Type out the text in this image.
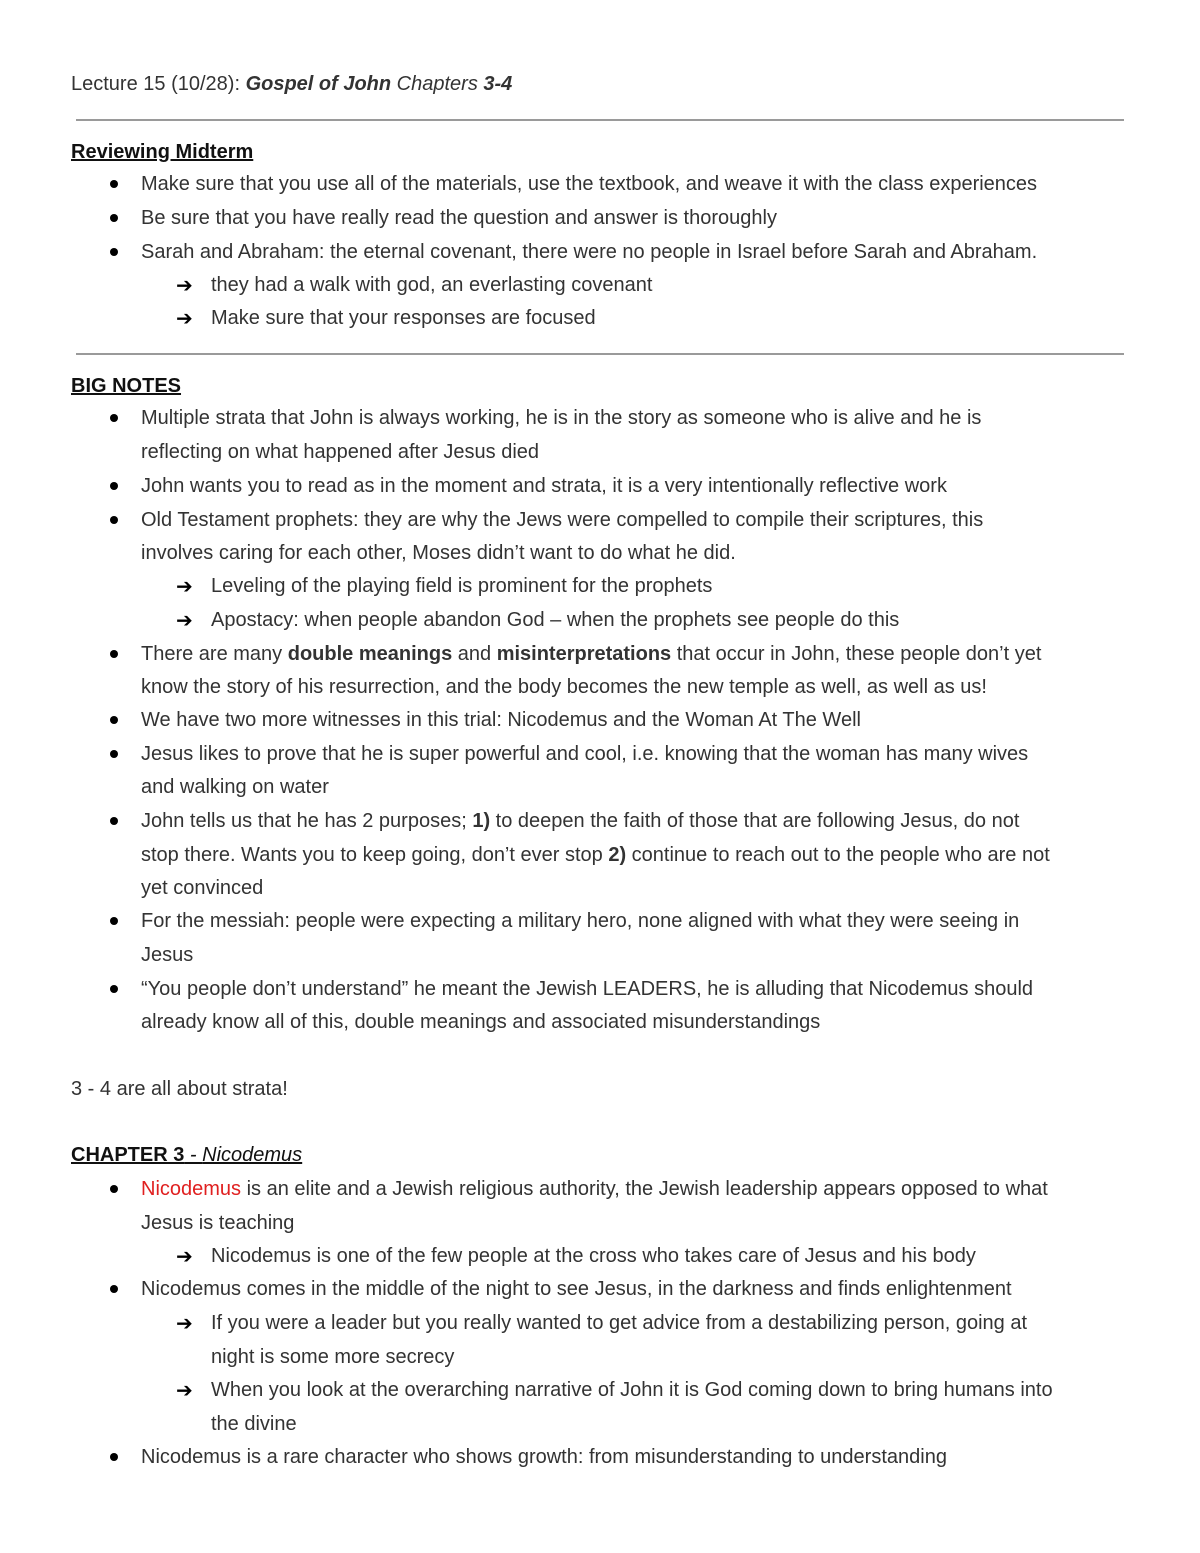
Lecture 15 (10/28): Gospel of John Chapters 3-4
Reviewing Midterm
Make sure that you use all of the materials, use the textbook, and weave it with the class experiences
Be sure that you have really read the question and answer is thoroughly
Sarah and Abraham: the eternal covenant, there were no people in Israel before Sarah and Abraham.
➔ they had a walk with god, an everlasting covenant
➔ Make sure that your responses are focused
BIG NOTES
Multiple strata that John is always working, he is in the story as someone who is alive and he is
reflecting on what happened after Jesus died
John wants you to read as in the moment and strata, it is a very intentionally reflective work
Old Testament prophets: they are why the Jews were compelled to compile their scriptures, this
involves caring for each other, Moses didn’t want to do what he did.
➔ Leveling of the playing field is prominent for the prophets
➔ Apostacy: when people abandon God – when the prophets see people do this
There are many double meanings and misinterpretations that occur in John, these people don’t yet
know the story of his resurrection, and the body becomes the new temple as well, as well as us!
We have two more witnesses in this trial: Nicodemus and the Woman At The Well
Jesus likes to prove that he is super powerful and cool, i.e. knowing that the woman has many wives
and walking on water
John tells us that he has 2 purposes; 1) to deepen the faith of those that are following Jesus, do not
stop there. Wants you to keep going, don’t ever stop 2) continue to reach out to the people who are not
yet convinced
For the messiah: people were expecting a military hero, none aligned with what they were seeing in
Jesus
“You people don’t understand” he meant the Jewish LEADERS, he is alluding that Nicodemus should
already know all of this, double meanings and associated misunderstandings
3 - 4 are all about strata!
CHAPTER 3 - Nicodemus
Nicodemus is an elite and a Jewish religious authority, the Jewish leadership appears opposed to what
Jesus is teaching
➔ Nicodemus is one of the few people at the cross who takes care of Jesus and his body
Nicodemus comes in the middle of the night to see Jesus, in the darkness and finds enlightenment
➔ If you were a leader but you really wanted to get advice from a destabilizing person, going at
night is some more secrecy
➔ When you look at the overarching narrative of John it is God coming down to bring humans into
the divine
Nicodemus is a rare character who shows growth: from misunderstanding to understanding
